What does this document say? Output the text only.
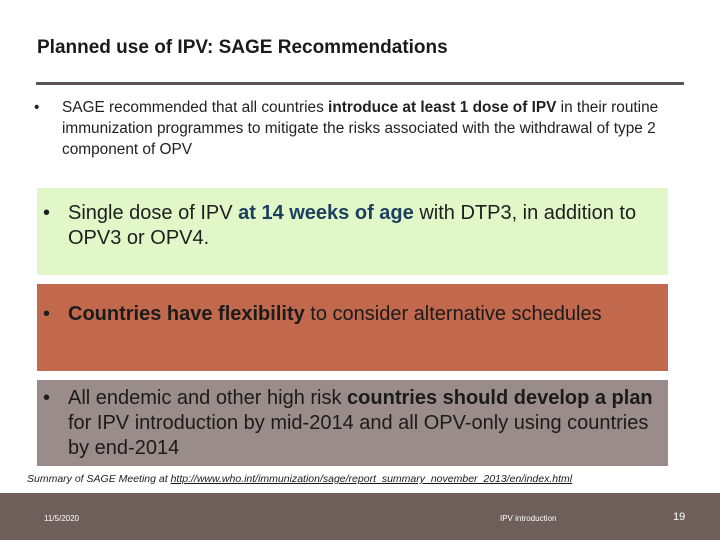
Planned use of IPV: SAGE Recommendations
•	SAGE recommended that all countries introduce at least 1 dose of IPV in their routine immunization programmes to mitigate the risks associated with the withdrawal of type 2 component of OPV
• Single dose of IPV at 14 weeks of age with DTP3, in addition to OPV3 or OPV4.
• Countries have flexibility to consider alternative schedules
• All endemic and other high risk countries should develop a plan for IPV introduction by mid-2014 and all OPV-only using countries by end-2014
Summary of SAGE Meeting at http://www.who.int/immunization/sage/report_summary_november_2013/en/index.html
11/5/2020	IPV introduction	19
